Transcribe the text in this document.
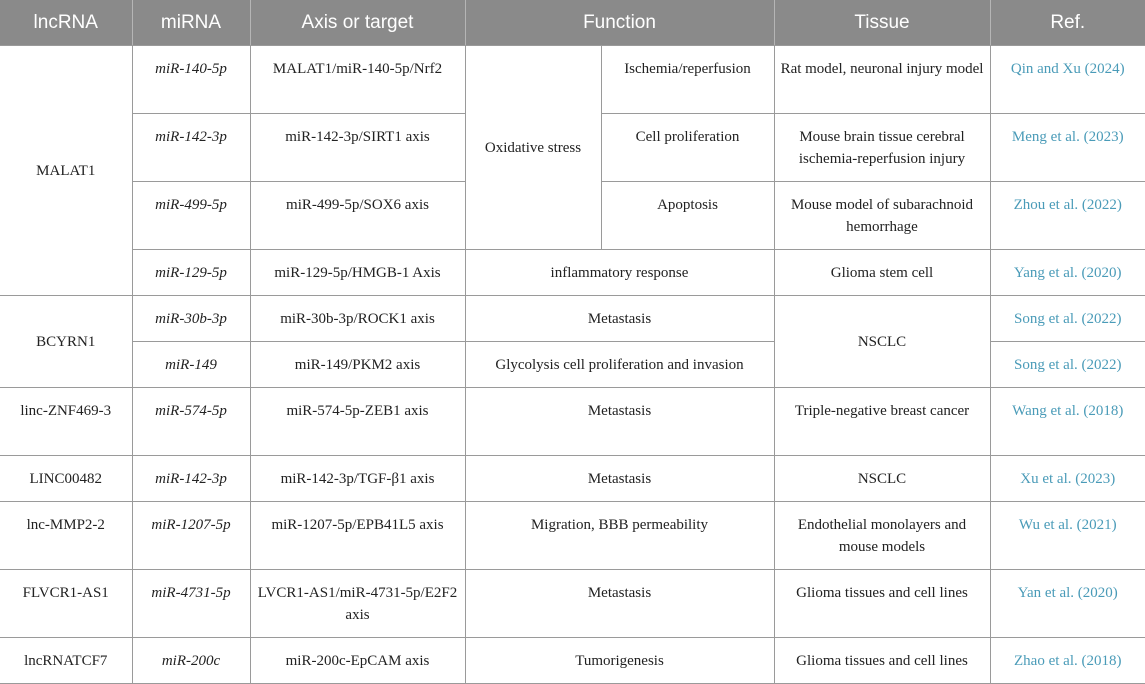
lncRNA	miRNA	Axis or target	Function		Tissue	Ref.
MALAT1	miR-140-5p	MALAT1/miR-140-5p/Nrf2	Oxidative stress	Ischemia/reperfusion	Rat model, neuronal injury model	Qin and Xu (2024)
	miR-142-3p	miR-142-3p/SIRT1 axis		Cell proliferation	Mouse brain tissue cerebral ischemia-reperfusion injury	Meng et al. (2023)
	miR-499-5p	miR-499-5p/SOX6 axis		Apoptosis	Mouse model of subarachnoid hemorrhage	Zhou et al. (2022)
	miR-129-5p	miR-129-5p/HMGB-1 Axis	inflammatory response		Glioma stem cell	Yang et al. (2020)
BCYRN1	miR-30b-3p	miR-30b-3p/ROCK1 axis	Metastasis		NSCLC	Song et al. (2022)
	miR-149	miR-149/PKM2 axis	Glycolysis cell proliferation and invasion			Song et al. (2022)
linc-ZNF469-3	miR-574-5p	miR-574-5p-ZEB1 axis	Metastasis		Triple-negative breast cancer	Wang et al. (2018)
LINC00482	miR-142-3p	miR-142-3p/TGF-β1 axis	Metastasis		NSCLC	Xu et al. (2023)
lnc-MMP2-2	miR-1207-5p	miR-1207-5p/EPB41L5 axis	Migration, BBB permeability		Endothelial monolayers and mouse models	Wu et al. (2021)
FLVCR1-AS1	miR-4731-5p	LVCR1-AS1/miR-4731-5p/E2F2 axis	Metastasis		Glioma tissues and cell lines	Yan et al. (2020)
lncRNATCF7	miR-200c	miR-200c-EpCAM axis	Tumorigenesis		Glioma tissues and cell lines	Zhao et al. (2018)
